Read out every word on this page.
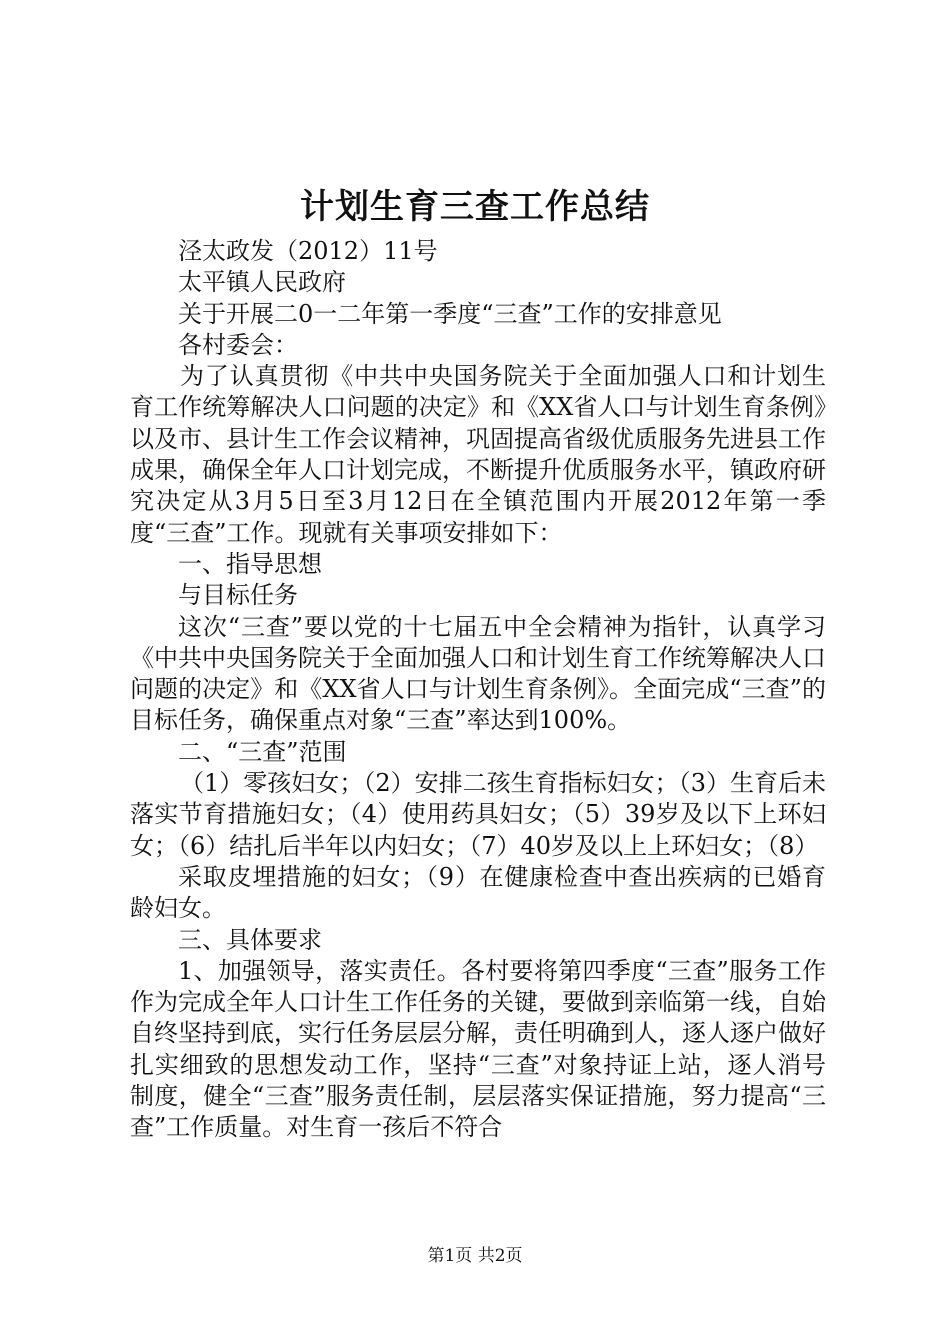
计划生育三查工作总结

泾太政发（2012）11号

太平镇人民政府

关于开展二0一二年第一季度“三查”工作的安排意见

各村委会：

为了认真贯彻《中共中央国务院关于全面加强人口和计划生育工作统筹解决人口问题的决定》和《XX省人口与计划生育条例》以及市、县计生工作会议精神，巩固提高省级优质服务先进县工作成果，确保全年人口计划完成，不断提升优质服务水平，镇政府研究决定从3月5日至3月12日在全镇范围内开展2012年第一季度“三查”工作。现就有关事项安排如下：

一、指导思想

与目标任务

这次“三查”要以党的十七届五中全会精神为指针，认真学习《中共中央国务院关于全面加强人口和计划生育工作统筹解决人口问题的决定》和《XX省人口与计划生育条例》。全面完成“三查”的目标任务，确保重点对象“三查”率达到100%。

二、“三查”范围

（1）零孩妇女；（2）安排二孩生育指标妇女；（3）生育后未落实节育措施妇女；（4）使用药具妇女；（5）39岁及以下上环妇女；（6）结扎后半年以内妇女；（7）40岁及以上上环妇女；（8）

采取皮埋措施的妇女；（9）在健康检查中查出疾病的已婚育龄妇女。

三、具体要求

1、加强领导，落实责任。各村要将第四季度“三查”服务工作作为完成全年人口计生工作任务的关键，要做到亲临第一线，自始自终坚持到底，实行任务层层分解，责任明确到人，逐人逐户做好扎实细致的思想发动工作，坚持“三查”对象持证上站，逐人消号制度，健全“三查”服务责任制，层层落实保证措施，努力提高“三查”工作质量。对生育一孩后不符合

第1页 共2页
